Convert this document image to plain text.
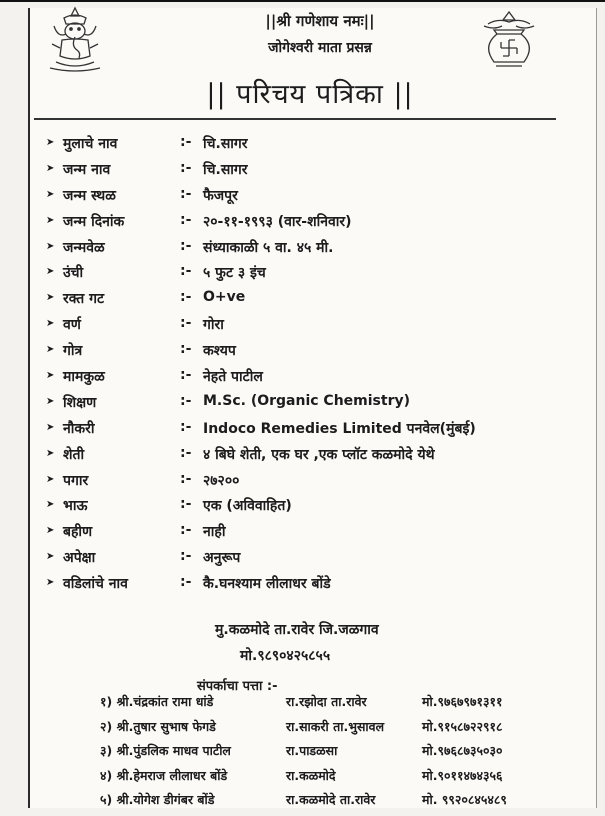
||श्री गणेशाय नमः||
जोगेश्वरी माता प्रसन्न
|| परिचय पत्रिका ||
➤ मुलाचे नाव	:- चि.सागर
➤ जन्म नाव	:- चि.सागर
➤ जन्म स्थळ	:- फैजपूर
➤ जन्म दिनांक	:- २०-११-१९९३ (वार-शनिवार)
➤ जन्मवेळ	:- संध्याकाळी ५ वा. ४५ मी.
➤ उंची	:- ५ फुट ३ इंच
➤ रक्त गट	:- O+ve
➤ वर्ण	:- गोरा
➤ गोत्र	:- कश्यप
➤ मामकुळ	:- नेहते पाटील
➤ शिक्षण	:- M.Sc. (Organic Chemistry)
➤ नौकरी	:- Indoco Remedies Limited पनवेल(मुंबई)
➤ शेती	:- ४ बिघे शेती, एक घर ,एक प्लॉट कळमोदे येथे
➤ पगार	:- २७२००
➤ भाऊ	:- एक (अविवाहित)
➤ बहीण	:- नाही
➤ अपेक्षा	:- अनुरूप
➤ वडिलांचे नाव	:- कै.घनश्याम लीलाधर बोंडे
मु.कळमोदे ता.रावेर जि.जळगाव
मो.९८९०४२५८५५
संपर्काचा पत्ता :-
१) श्री.चंद्रकांत रामा धांडे	रा.रझोदा ता.रावेर	मो.९७६७९७१३११
२) श्री.तुषार सुभाष फेगडे	रा.साकरी ता.भुसावल	मो.९१५८७२२९१८
३) श्री.पुंडलिक माधव पाटील	रा.पाडळसा	मो.९७६८७३५०३०
४) श्री.हेमराज लीलाधर बोंडे	रा.कळमोदे	मो.९०११४७४३५६
५) श्री.योगेश डीगंबर बोंडे	रा.कळमोदे ता.रावेर	मो. ९९२०८४५४८९
